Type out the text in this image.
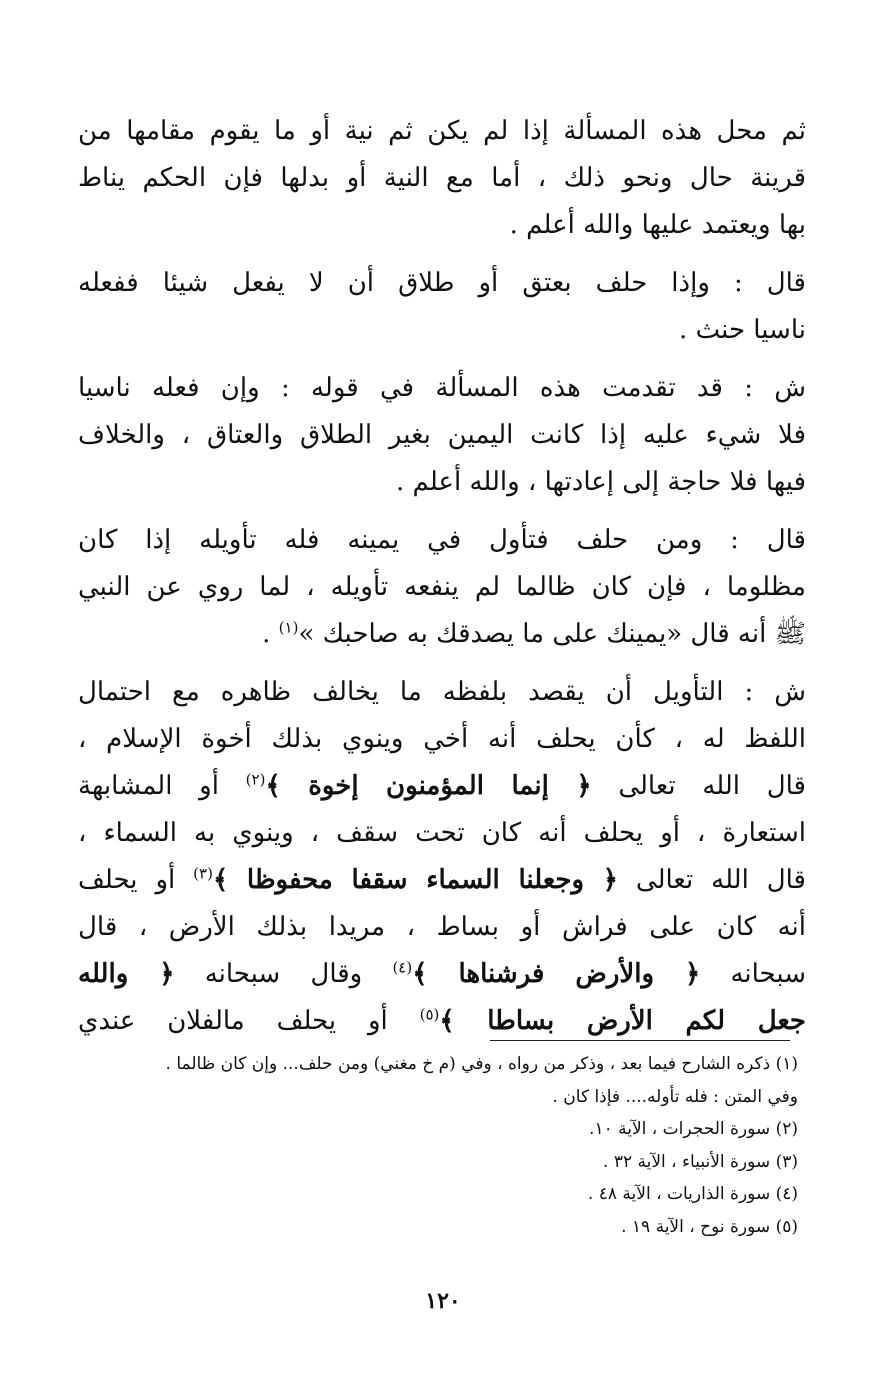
ثم محل هذه المسألة إذا لم يكن ثم نية أو ما يقوم مقامها من
قرينة حال ونحو ذلك ، أما مع النية أو بدلها فإن الحكم يناط
بها ويعتمد عليها والله أعلم .
قال : وإذا حلف بعتق أو طلاق أن لا يفعل شيئا ففعله
ناسيا حنث .
ش : قد تقدمت هذه المسألة في قوله : وإن فعله ناسيا
فلا شيء عليه إذا كانت اليمين بغير الطلاق والعتاق ، والخلاف
فيها فلا حاجة إلى إعادتها ، والله أعلم .
قال : ومن حلف فتأول في يمينه فله تأويله إذا كان
مظلوما ، فإن كان ظالما لم ينفعه تأويله ، لما روي عن النبي
ﷺ أنه قال «يمينك على ما يصدقك به صاحبك »$^{(١)}$ .
ش : التأويل أن يقصد بلفظه ما يخالف ظاهره مع احتمال
اللفظ له ، كأن يحلف أنه أخي وينوي بذلك أخوة الإسلام ،
قال الله تعالى ﴿ إنما المؤمنون إخوة ﴾$^{(٢)}$ أو المشابهة
استعارة ، أو يحلف أنه كان تحت سقف ، وينوي به السماء ،
قال الله تعالى ﴿ وجعلنا السماء سقفا محفوظا ﴾$^{(٣)}$ أو يحلف
أنه كان على فراش أو بساط ، مريدا بذلك الأرض ، قال
سبحانه ﴿ والأرض فرشناها ﴾$^{(٤)}$ وقال سبحانه ﴿ والله
جعل لكم الأرض بساطا ﴾$^{(٥)}$ أو يحلف مالفلان عندي
(١) ذكره الشارح فيما بعد ، وذكر من رواه ، وفي (م خ مغني) ومن حلف... وإن كان ظالما .
وفي المتن : فله تأوله.... فإذا كان .
(٢) سورة الحجرات ، الآية ١٠.
(٣) سورة الأنبياء ، الآية ٣٢ .
(٤) سورة الذاريات ، الآية ٤٨ .
(٥) سورة نوح ، الآية ١٩ .
١٢٠
